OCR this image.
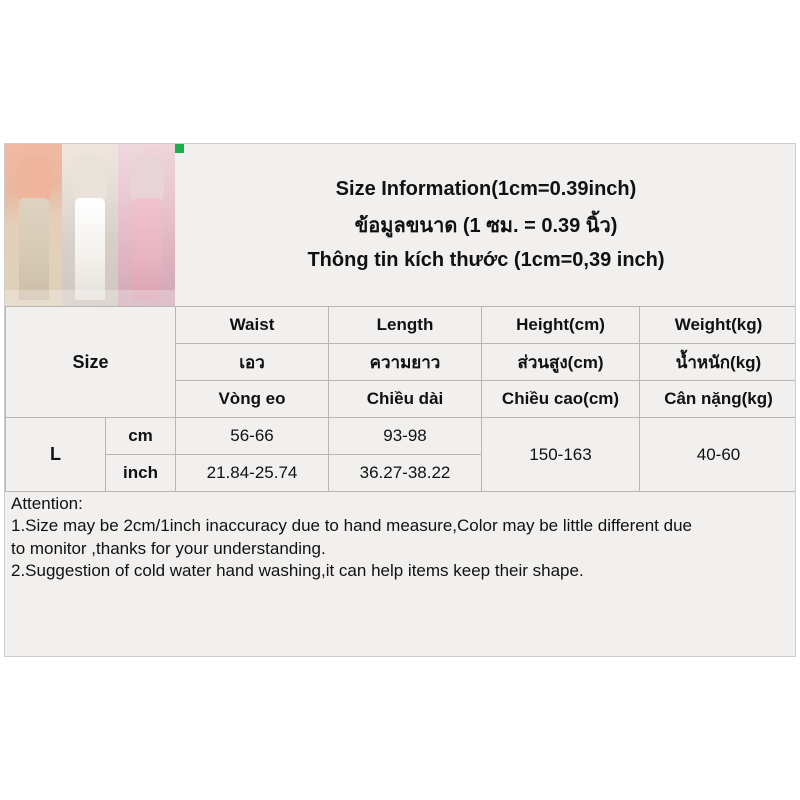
Size Information(1cm=0.39inch)
ข้อมูลขนาด (1 ซม. = 0.39 นิ้ว)
Thông tin kích thước (1cm=0,39 inch)
Size		Waist	Length	Height(cm)	Weight(kg)
		เอว	ความยาว	ส่วนสูง(cm)	น้ำหนัก(kg)
		Vòng eo	Chiều dài	Chiều cao(cm)	Cân nặng(kg)
L	cm	56-66	93-98	150-163	40-60
	inch	21.84-25.74	36.27-38.22		
Attention:
1.Size may be 2cm/1inch inaccuracy due to hand measure,Color may be little different due
to monitor ,thanks for your understanding.
2.Suggestion of cold water hand washing,it can help items keep their shape.
